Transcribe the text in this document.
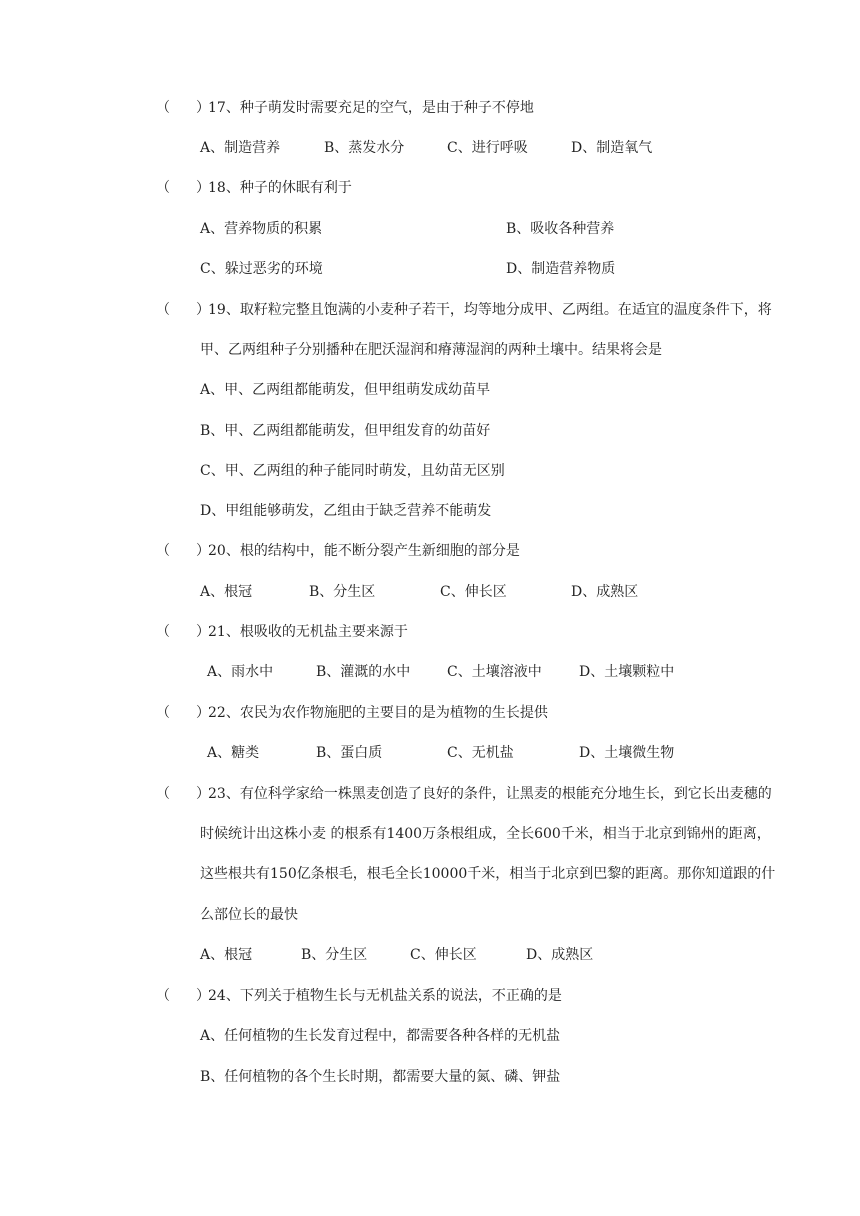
（ ）
17、种子萌发时需要充足的空气，是由于种子不停地
A、制造营养	B、蒸发水分	C、进行呼吸	D、制造氧气
（ ）
18、种子的休眠有利于
A、营养物质的积累	B、吸收各种营养
C、躲过恶劣的环境	D、制造营养物质
（ ）
19、取籽粒完整且饱满的小麦种子若干，均等地分成甲、乙两组。在适宜的温度条件下，将
甲、乙两组种子分别播种在肥沃湿润和瘠薄湿润的两种土壤中。结果将会是
A、甲、乙两组都能萌发，但甲组萌发成幼苗早
B、甲、乙两组都能萌发，但甲组发育的幼苗好
C、甲、乙两组的种子能同时萌发，且幼苗无区别
D、甲组能够萌发，乙组由于缺乏营养不能萌发
（ ）
20、根的结构中，能不断分裂产生新细胞的部分是
A、根冠	B、分生区	C、伸长区	D、成熟区
（ ）
21、根吸收的无机盐主要来源于
A、雨水中	B、灌溉的水中	C、土壤溶液中	D、土壤颗粒中
（ ）
22、农民为农作物施肥的主要目的是为植物的生长提供
A、糖类	B、蛋白质	C、无机盐	D、土壤微生物
（ ）
23、有位科学家给一株黑麦创造了良好的条件，让黑麦的根能充分地生长，到它长出麦穗的
时候统计出这株小麦 的根系有1400万条根组成，全长600千米，相当于北京到锦州的距离，
这些根共有150亿条根毛，根毛全长10000千米，相当于北京到巴黎的距离。那你知道跟的什
么部位长的最快
A、根冠	B、分生区	C、伸长区	D、成熟区
（ ）
24、下列关于植物生长与无机盐关系的说法，不正确的是
A、任何植物的生长发育过程中，都需要各种各样的无机盐
B、任何植物的各个生长时期，都需要大量的氮、磷、钾盐
